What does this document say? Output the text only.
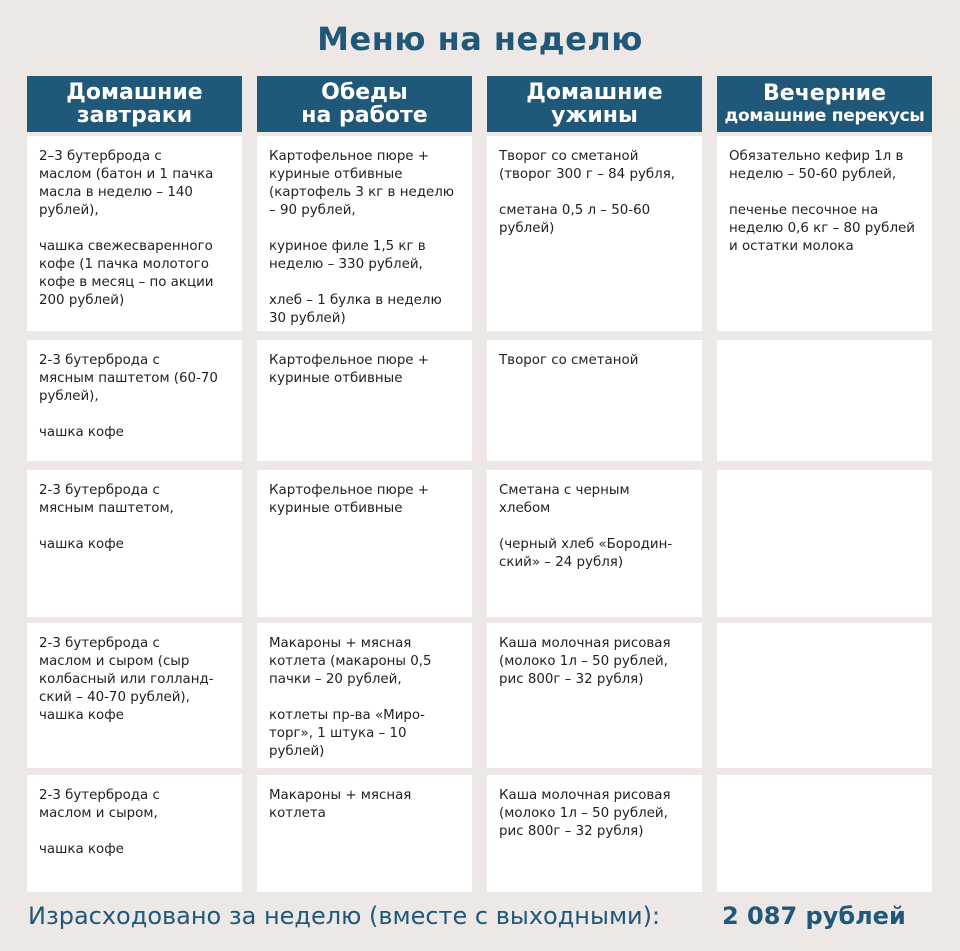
Меню на неделю
Домашние
завтраки
Обеды
на работе
Домашние
ужины
Вечерние
домашние перекусы

2–3 бутерброда с
маслом (батон и 1 пачка
масла в неделю – 140
рублей),

чашка свежесваренного
кофе (1 пачка молотого
кофе в месяц – по акции
200 рублей)

Картофельное пюре +
куриные отбивные
(картофель 3 кг в неделю
– 90 рублей,

куриное филе 1,5 кг в
неделю – 330 рублей,

хлеб – 1 булка в неделю
30 рублей)

Творог со сметаной
(творог 300 г – 84 рубля,

сметана 0,5 л – 50-60
рублей)

Обязательно кефир 1л в
неделю – 50-60 рублей,

печенье песочное на
неделю 0,6 кг – 80 рублей
и остатки молока

2-3 бутерброда с
мясным паштетом (60-70
рублей),

чашка кофе

Картофельное пюре +
куриные отбивные

Творог со сметаной

2-3 бутерброда с
мясным паштетом,

чашка кофе

Картофельное пюре +
куриные отбивные

Сметана с черным
хлебом

(черный хлеб «Бородин-
ский» – 24 рубля)

2-3 бутерброда с
маслом и сыром (сыр
колбасный или голланд-
ский – 40-70 рублей),
чашка кофе

Макароны + мясная
котлета (макароны 0,5
пачки – 20 рублей,

котлеты пр-ва «Миро-
торг», 1 штука – 10
рублей)

Каша молочная рисовая
(молоко 1л – 50 рублей,
рис 800г – 32 рубля)

2-3 бутерброда с
маслом и сыром,

чашка кофе

Макароны + мясная
котлета

Каша молочная рисовая
(молоко 1л – 50 рублей,
рис 800г – 32 рубля)

Израсходовано за неделю (вместе с выходными):	2 087 рублей
